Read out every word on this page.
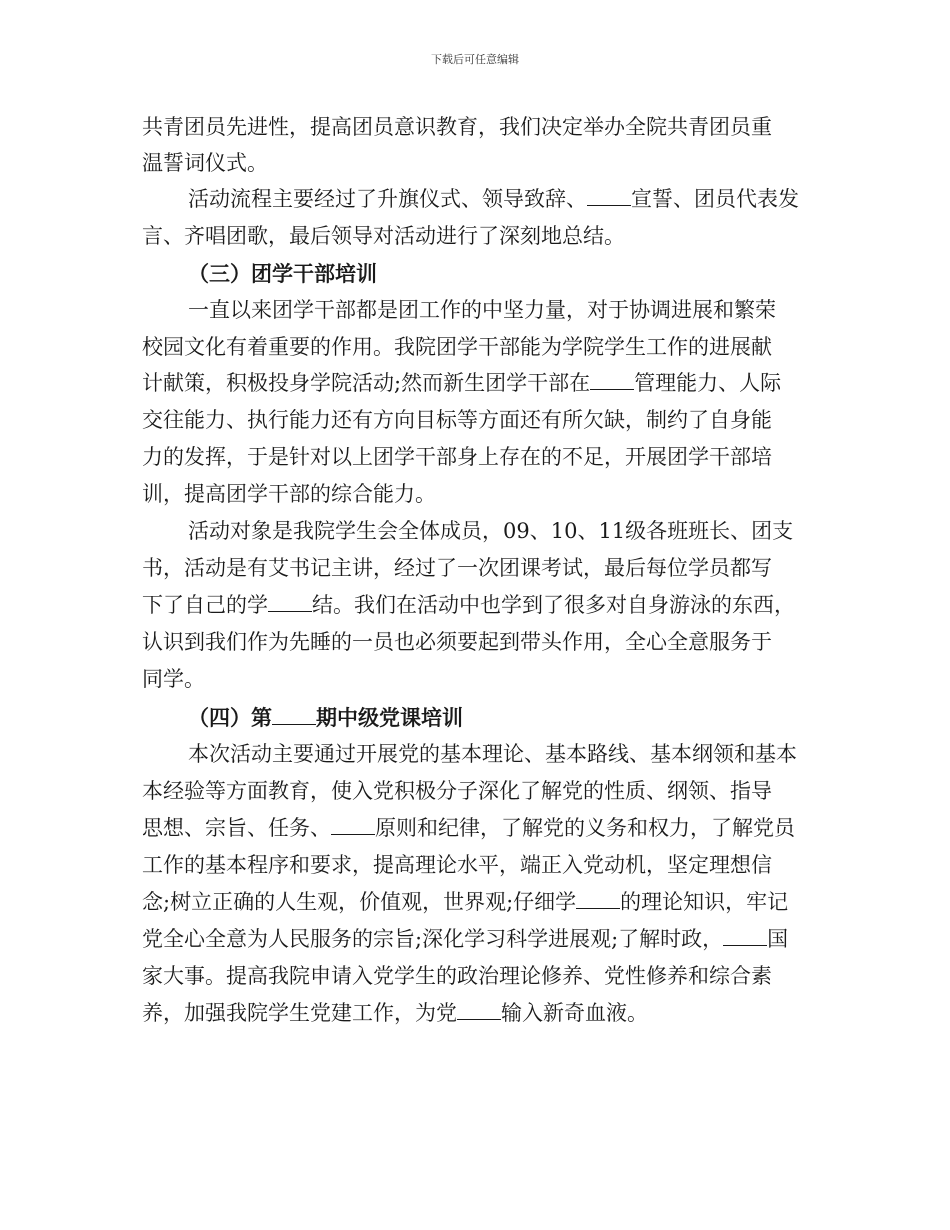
下载后可任意编辑
共青团员先进性，提高团员意识教育，我们决定举办全院共青团员重
温誓词仪式。
活动流程主要经过了升旗仪式、领导致辞、 宣誓、团员代表发
言、齐唱团歌，最后领导对活动进行了深刻地总结。
（三）团学干部培训
一直以来团学干部都是团工作的中坚力量，对于协调进展和繁荣
校园文化有着重要的作用。我院团学干部能为学院学生工作的进展献
计献策，积极投身学院活动;然而新生团学干部在 管理能力、人际
交往能力、执行能力还有方向目标等方面还有所欠缺，制约了自身能
力的发挥，于是针对以上团学干部身上存在的不足，开展团学干部培
训，提高团学干部的综合能力。
活动对象是我院学生会全体成员，09、10、11级各班班长、团支
书，活动是有艾书记主讲，经过了一次团课考试，最后每位学员都写
下了自己的学 结。我们在活动中也学到了很多对自身游泳的东西，
认识到我们作为先睡的一员也必须要起到带头作用，全心全意服务于
同学。
（四）第 期中级党课培训
本次活动主要通过开展党的基本理论、基本路线、基本纲领和基本
本经验等方面教育，使入党积极分子深化了解党的性质、纲领、指导
思想、宗旨、任务、 原则和纪律，了解党的义务和权力，了解党员
工作的基本程序和要求，提高理论水平，端正入党动机，坚定理想信
念;树立正确的人生观，价值观，世界观;仔细学 的理论知识，牢记
党全心全意为人民服务的宗旨;深化学习科学进展观;了解时政， 国
家大事。提高我院申请入党学生的政治理论修养、党性修养和综合素
养，加强我院学生党建工作，为党 输入新奇血液。
